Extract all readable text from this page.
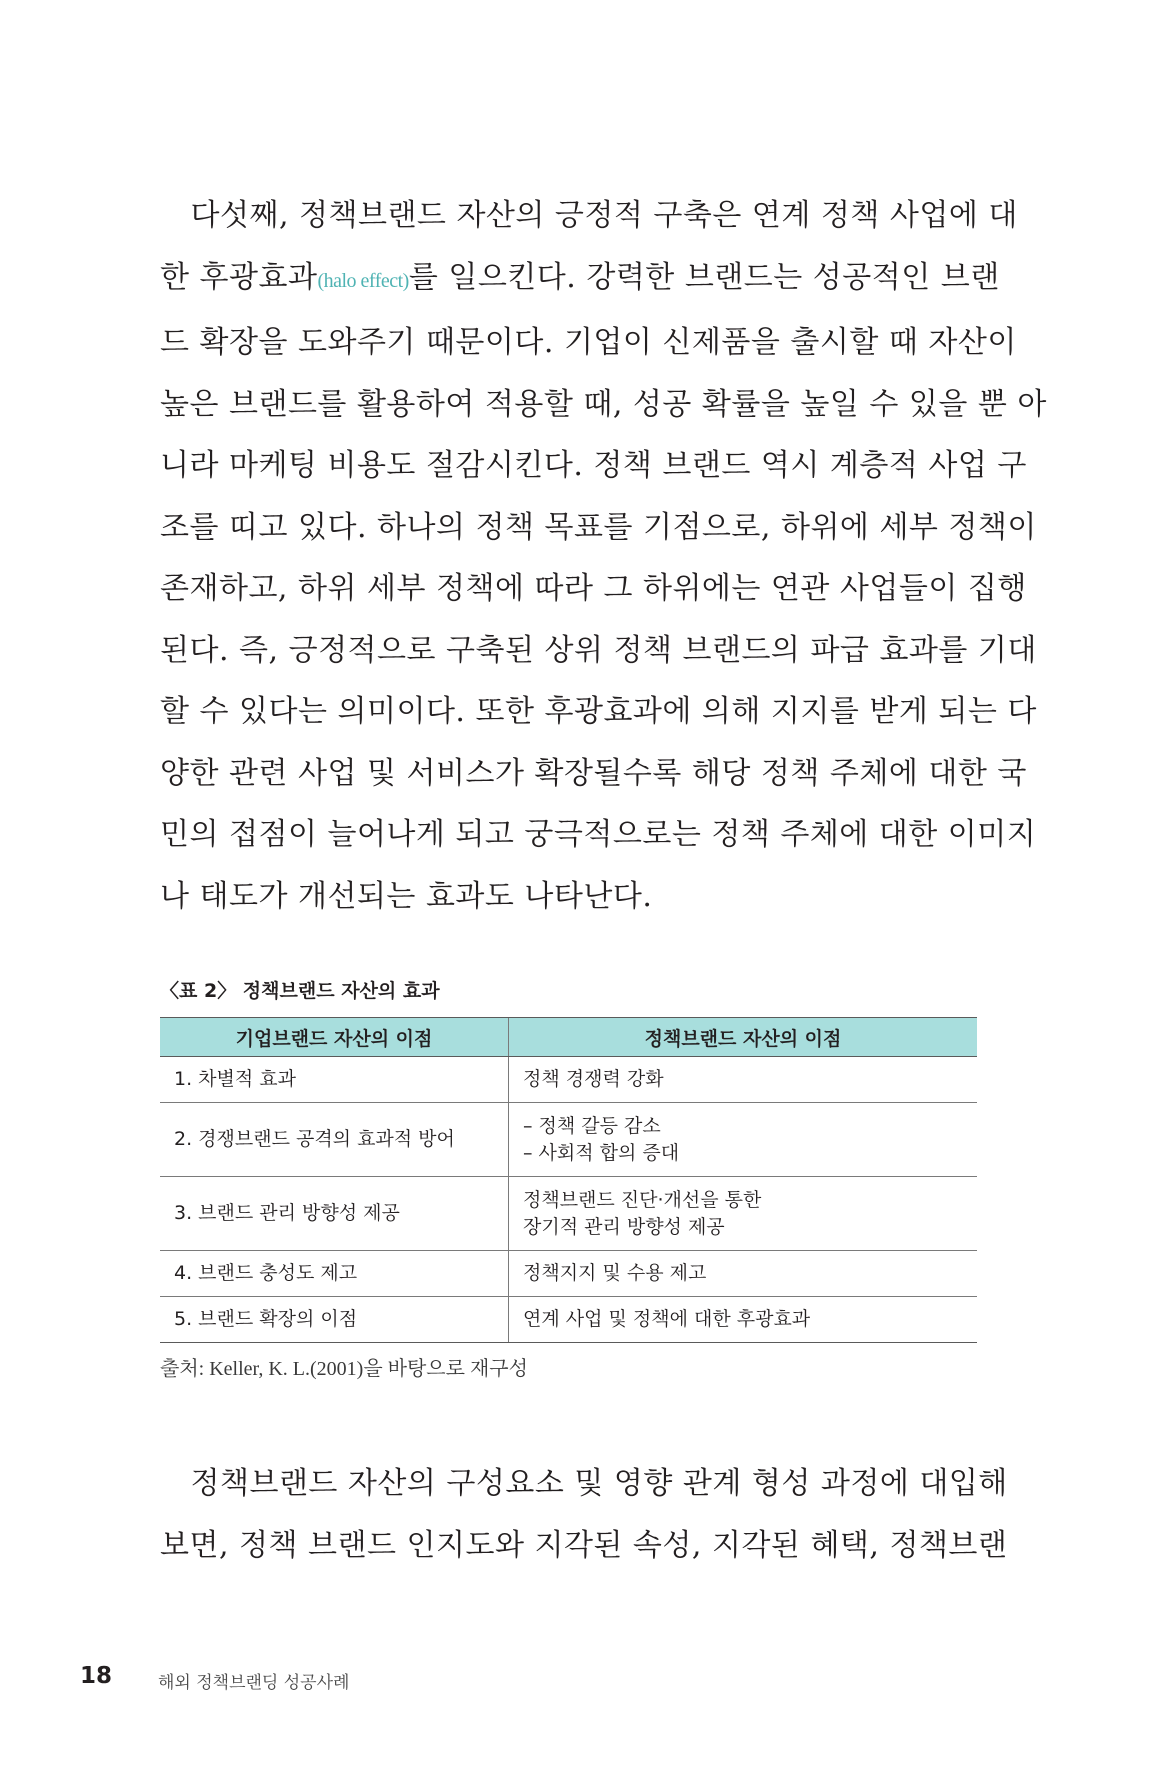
　다섯째, 정책브랜드 자산의 긍정적 구축은 연계 정책 사업에 대
한 후광효과(halo effect)를 일으킨다. 강력한 브랜드는 성공적인 브랜
드 확장을 도와주기 때문이다. 기업이 신제품을 출시할 때 자산이
높은 브랜드를 활용하여 적용할 때, 성공 확률을 높일 수 있을 뿐 아
니라 마케팅 비용도 절감시킨다. 정책 브랜드 역시 계층적 사업 구
조를 띠고 있다. 하나의 정책 목표를 기점으로, 하위에 세부 정책이
존재하고, 하위 세부 정책에 따라 그 하위에는 연관 사업들이 집행
된다. 즉, 긍정적으로 구축된 상위 정책 브랜드의 파급 효과를 기대
할 수 있다는 의미이다. 또한 후광효과에 의해 지지를 받게 되는 다
양한 관련 사업 및 서비스가 확장될수록 해당 정책 주체에 대한 국
민의 접점이 늘어나게 되고 궁극적으로는 정책 주체에 대한 이미지
나 태도가 개선되는 효과도 나타난다.
〈표 2〉 정책브랜드 자산의 효과
기업브랜드 자산의 이점	정책브랜드 자산의 이점
1. 차별적 효과	정책 경쟁력 강화
2. 경쟁브랜드 공격의 효과적 방어	– 정책 갈등 감소
– 사회적 합의 증대

3. 브랜드 관리 방향성 제공	정책브랜드 진단·개선을 통한
장기적 관리 방향성 제공

4. 브랜드 충성도 제고	정책지지 및 수용 제고
5. 브랜드 확장의 이점	연계 사업 및 정책에 대한 후광효과
출처: Keller, K. L.(2001)을 바탕으로 재구성
　정책브랜드 자산의 구성요소 및 영향 관계 형성 과정에 대입해
보면, 정책 브랜드 인지도와 지각된 속성, 지각된 혜택, 정책브랜
18	해외 정책브랜딩 성공사례
